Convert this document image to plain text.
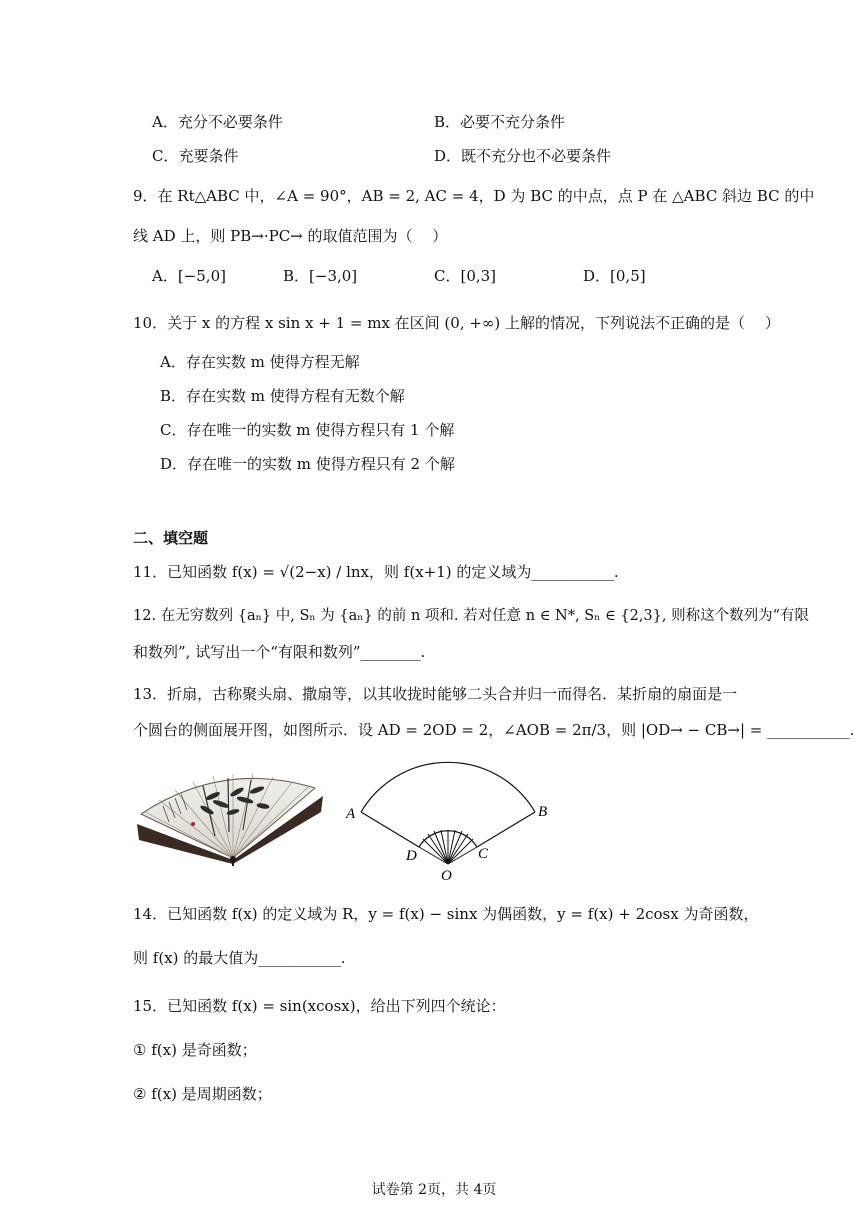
A．充分不必要条件	B．必要不充分条件
C．充要条件	D．既不充分也不必要条件
9．在 Rt△ABC 中，∠A = 90°，AB = 2, AC = 4，D 为 BC 的中点，点 P 在 △ABC 斜边 BC 的中
线 AD 上，则 PB→·PC→ 的取值范围为（　 ）
A．[−5,0]	B．[−3,0]	C．[0,3]	D．[0,5]
10．关于 x 的方程 x sin x + 1 = mx 在区间 (0, +∞) 上解的情况，下列说法不正确的是（　 ）
A．存在实数 m 使得方程无解
B．存在实数 m 使得方程有无数个解
C．存在唯一的实数 m 使得方程只有 1 个解
D．存在唯一的实数 m 使得方程只有 2 个解
二、填空题
11．已知函数 f(x) = √(2−x) / lnx，则 f(x+1) 的定义域为___________.
12. 在无穷数列 {aₙ} 中, Sₙ 为 {aₙ} 的前 n 项和. 若对任意 n ∈ N*, Sₙ ∈ {2,3}, 则称这个数列为“有限
和数列”, 试写出一个“有限和数列”________.
13．折扇，古称聚头扇、撒扇等，以其收拢时能够二头合并归一而得名．某折扇的扇面是一
个圆台的侧面展开图，如图所示．设 AD = 2OD = 2，∠AOB = 2π/3，则 |OD→ − CB→| = ___________.
A	B
C
D
O
14．已知函数 f(x) 的定义域为 R，y = f(x) − sinx 为偶函数，y = f(x) + 2cosx 为奇函数，
则 f(x) 的最大值为___________.
15．已知函数 f(x) = sin(xcosx)，给出下列四个统论：
① f(x) 是奇函数；
② f(x) 是周期函数；
试卷第 2页，共 4页
